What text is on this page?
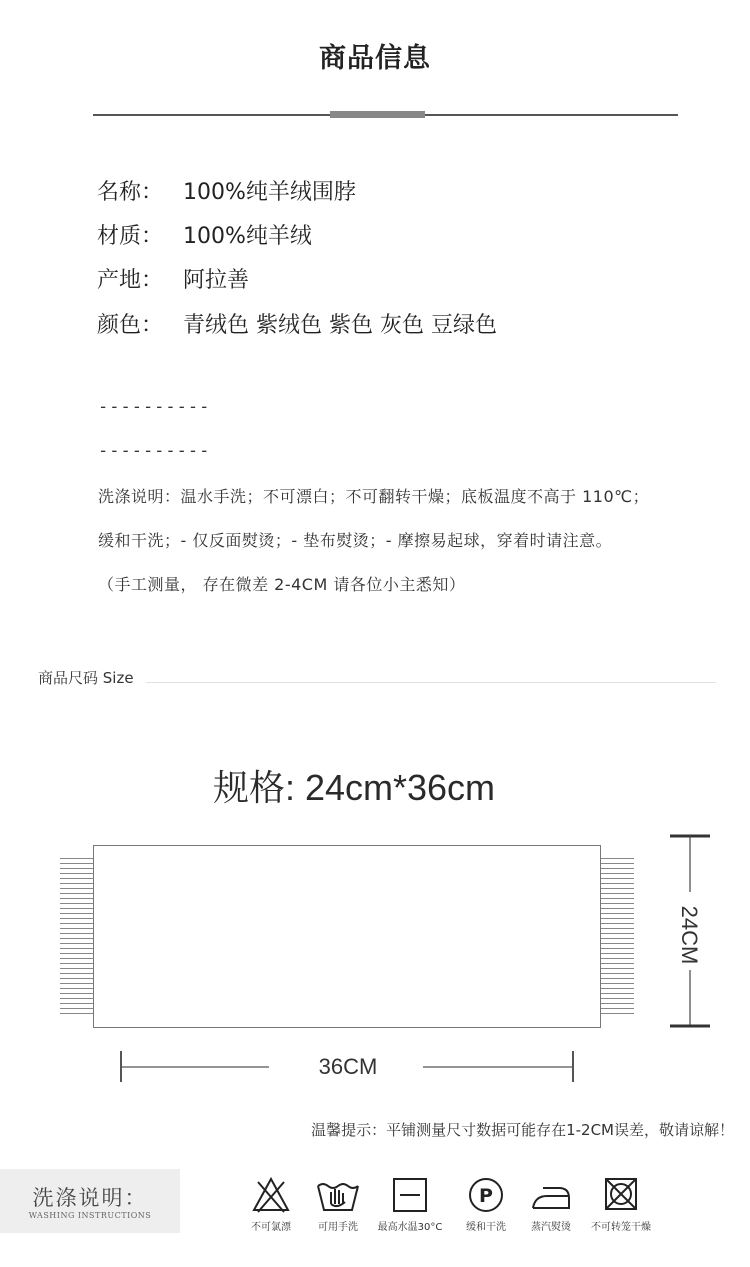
商品信息
名称： 100%纯羊绒围脖
材质： 100%纯羊绒
产地： 阿拉善
颜色： 青绒色 紫绒色 紫色 灰色 豆绿色
----------
----------
洗涤说明：温水手洗；不可漂白；不可翻转干燥；底板温度不高于 110℃；
缓和干洗；- 仅反面熨烫；- 垫布熨烫；- 摩擦易起球，穿着时请注意。
（手工测量， 存在微差 2-4CM 请各位小主悉知）
商品尺码 Size
规格: 24cm*36cm
36CM
24CM
温馨提示：平铺测量尺寸数据可能存在1-2CM误差，敬请谅解！
洗涤说明：
WASHING INSTRUCTIONS
不可氯漂	可用手洗	最高水温30°C
P
缓和干洗	蒸汽熨烫	不可转笼干燥
